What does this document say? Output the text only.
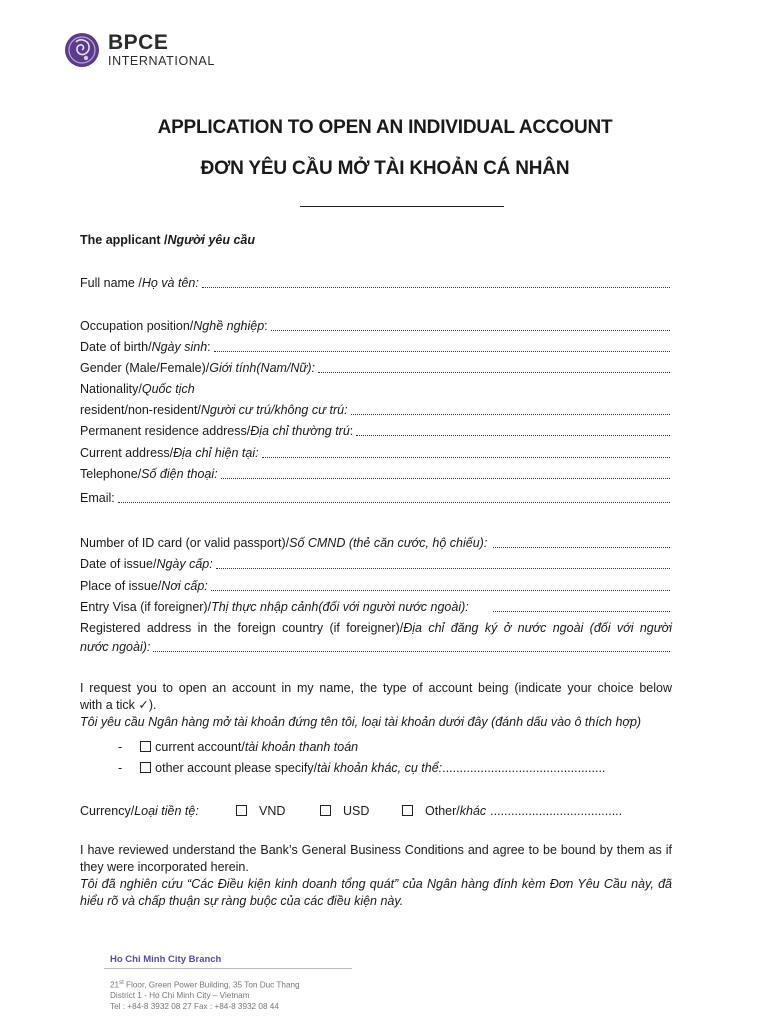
BPCE
INTERNATIONAL
APPLICATION TO OPEN AN INDIVIDUAL ACCOUNT
ĐƠN YÊU CẦU MỞ TÀI KHOẢN CÁ NHÂN
The applicant /Người yêu cầu
Full name / Họ và tên:
Occupation position/ Nghề nghiệp :
Date of birth/ Ngày sinh :
Gender (Male/Female)/ Giới tính(Nam/Nữ):
Nationality/ Quốc tịch
resident/non-resident/ Người cư trú/không cư trú:
Permanent residence address/ Địa chỉ thường trú :
Current address/ Địa chỉ hiện tại:
Telephone/ Số điện thoại:
Email:
Number of ID card (or valid passport)/ Số CMND (thẻ căn cước, hộ chiếu):
Date of issue/ Ngày cấp:
Place of issue/ Nơi cấp:
Entry Visa (if foreigner)/ Thị thực nhập cảnh(đối với người nước ngoài):
Registered address in the foreign country (if foreigner)/Địa chỉ đăng ký ở nước ngoài (đối với người
nước ngoài):
I request you to open an account in my name, the type of account being (indicate your choice below
with a tick ✓).
Tôi yêu cầu Ngân hàng mở tài khoản đứng tên tôi, loại tài khoản dưới đây (đánh dấu vào ô thích hợp)
-	current account/tài khoản thanh toán
-	other account please specify/tài khoản khác, cụ thể:...............................................
Currency/Loại tiền tệ:	VND	USD	Other/khác ......................................
I have reviewed understand the Bank’s General Business Conditions and agree to be bound by them as if
they were incorporated herein.
Tôi đã nghiên cứu “Các Điều kiện kinh doanh tổng quát” của Ngân hàng đính kèm Đơn Yêu Cầu này, đã
hiểu rõ và chấp thuận sự ràng buộc của các điều kiện này.
Ho Chi Minh City Branch
21st Floor, Green Power Building, 35 Ton Duc Thang
District 1 - Ho Chi Minh City – Vietnam
Tel : +84-8 3932 08 27 Fax : +84-8 3932 08 44
